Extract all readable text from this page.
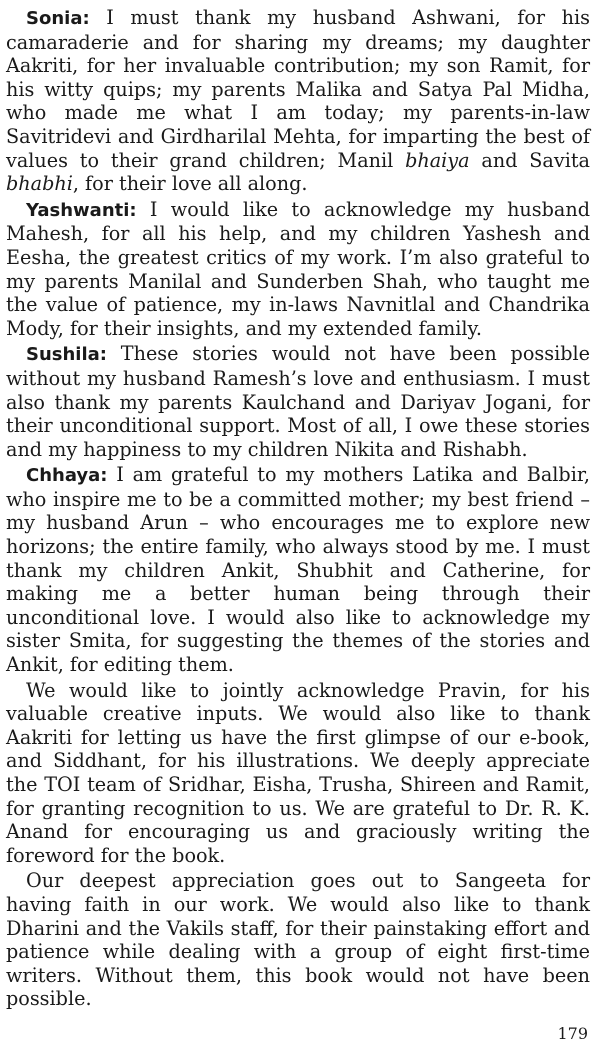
Sonia: I must thank my husband Ashwani, for his camaraderie and for sharing my dreams; my daughter Aakriti, for her invaluable contribution; my son Ramit, for his witty quips; my parents Malika and Satya Pal Midha, who made me what I am today; my parents-in-law Savitridevi and Girdharilal Mehta, for imparting the best of values to their grand children; Manil bhaiya and Savita bhabhi, for their love all along.

Yashwanti: I would like to acknowledge my husband Mahesh, for all his help, and my children Yashesh and Eesha, the greatest critics of my work. I’m also grateful to my parents Manilal and Sunderben Shah, who taught me the value of patience, my in-laws Navnitlal and Chandrika Mody, for their insights, and my extended family.

Sushila: These stories would not have been possible without my husband Ramesh’s love and enthusiasm. I must also thank my parents Kaulchand and Dariyav Jogani, for their unconditional support. Most of all, I owe these stories and my happiness to my children Nikita and Rishabh.

Chhaya: I am grateful to my mothers Latika and Balbir, who inspire me to be a committed mother; my best friend – my husband Arun – who encourages me to explore new horizons; the entire family, who always stood by me. I must thank my children Ankit, Shubhit and Catherine, for making me a better human being through their unconditional love. I would also like to acknowledge my sister Smita, for suggesting the themes of the stories and Ankit, for editing them.

We would like to jointly acknowledge Pravin, for his valuable creative inputs. We would also like to thank Aakriti for letting us have the first glimpse of our e-book, and Siddhant, for his illustrations. We deeply appreciate the TOI team of Sridhar, Eisha, Trusha, Shireen and Ramit, for granting recognition to us. We are grateful to Dr. R. K. Anand for encouraging us and graciously writing the foreword for the book.

Our deepest appreciation goes out to Sangeeta for having faith in our work. We would also like to thank Dharini and the Vakils staff, for their painstaking effort and patience while dealing with a group of eight first-time writers. Without them, this book would not have been possible.

179
